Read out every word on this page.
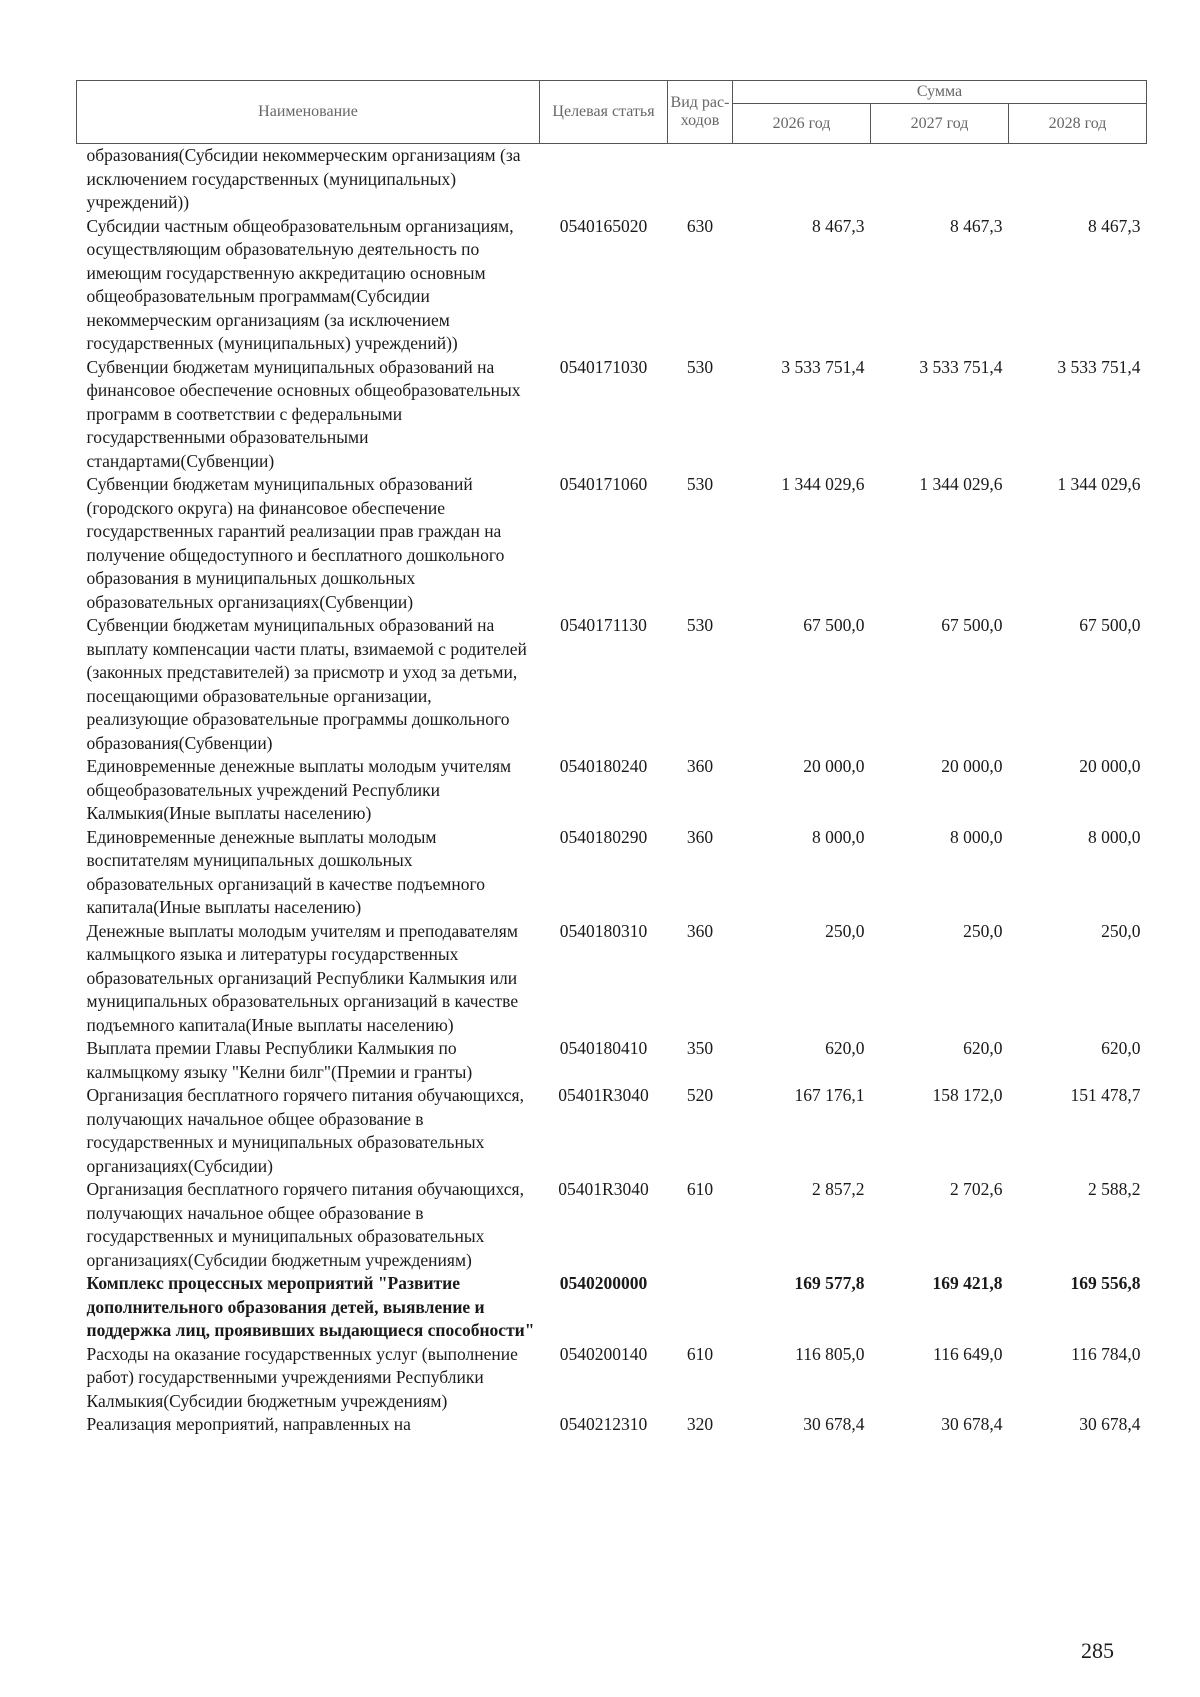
Наименование	Целевая статья	Вид рас-ходов	Сумма		
			2026 год	2027 год	2028 год
образования(Субсидии некоммерческим организациям (за исключением государственных (муниципальных) учреждений))					
Субсидии частным общеобразовательным организациям, осуществляющим образовательную деятельность по имеющим государственную аккредитацию основным общеобразовательным программам(Субсидии некоммерческим организациям (за исключением государственных (муниципальных) учреждений))	0540165020	630	8 467,3	8 467,3	8 467,3
Субвенции бюджетам муниципальных образований на финансовое обеспечение основных общеобразовательных программ в соответствии с федеральными государственными образовательными стандартами(Субвенции)	0540171030	530	3 533 751,4	3 533 751,4	3 533 751,4
Субвенции бюджетам муниципальных образований (городского округа) на финансовое обеспечение государственных гарантий реализации прав граждан на получение общедоступного и бесплатного дошкольного образования в муниципальных дошкольных образовательных организациях(Субвенции)	0540171060	530	1 344 029,6	1 344 029,6	1 344 029,6
Субвенции бюджетам муниципальных образований на выплату компенсации части платы, взимаемой с родителей (законных представителей) за присмотр и уход за детьми, посещающими образовательные организации, реализующие образовательные программы дошкольного образования(Субвенции)	0540171130	530	67 500,0	67 500,0	67 500,0
Единовременные денежные выплаты молодым учителям общеобразовательных учреждений Республики Калмыкия(Иные выплаты населению)	0540180240	360	20 000,0	20 000,0	20 000,0
Единовременные денежные выплаты молодым воспитателям муниципальных дошкольных образовательных организаций в качестве подъемного капитала(Иные выплаты населению)	0540180290	360	8 000,0	8 000,0	8 000,0
Денежные выплаты молодым учителям и преподавателям калмыцкого языка и литературы государственных образовательных организаций Республики Калмыкия или муниципальных образовательных организаций в качестве подъемного капитала(Иные выплаты населению)	0540180310	360	250,0	250,0	250,0
Выплата премии Главы Республики Калмыкия по калмыцкому языку "Келни билг"(Премии и гранты)	0540180410	350	620,0	620,0	620,0
Организация бесплатного горячего питания обучающихся, получающих начальное общее образование в государственных и муниципальных образовательных организациях(Субсидии)	05401R3040	520	167 176,1	158 172,0	151 478,7
Организация бесплатного горячего питания обучающихся, получающих начальное общее образование в государственных и муниципальных образовательных организациях(Субсидии бюджетным учреждениям)	05401R3040	610	2 857,2	2 702,6	2 588,2
Комплекс процессных мероприятий "Развитие дополнительного образования детей, выявление и поддержка лиц, проявивших выдающиеся способности"	0540200000		169 577,8	169 421,8	169 556,8
Расходы на оказание государственных услуг (выполнение работ) государственными учреждениями Республики Калмыкия(Субсидии бюджетным учреждениям)	0540200140	610	116 805,0	116 649,0	116 784,0
Реализация мероприятий, направленных на	0540212310	320	30 678,4	30 678,4	30 678,4
285
